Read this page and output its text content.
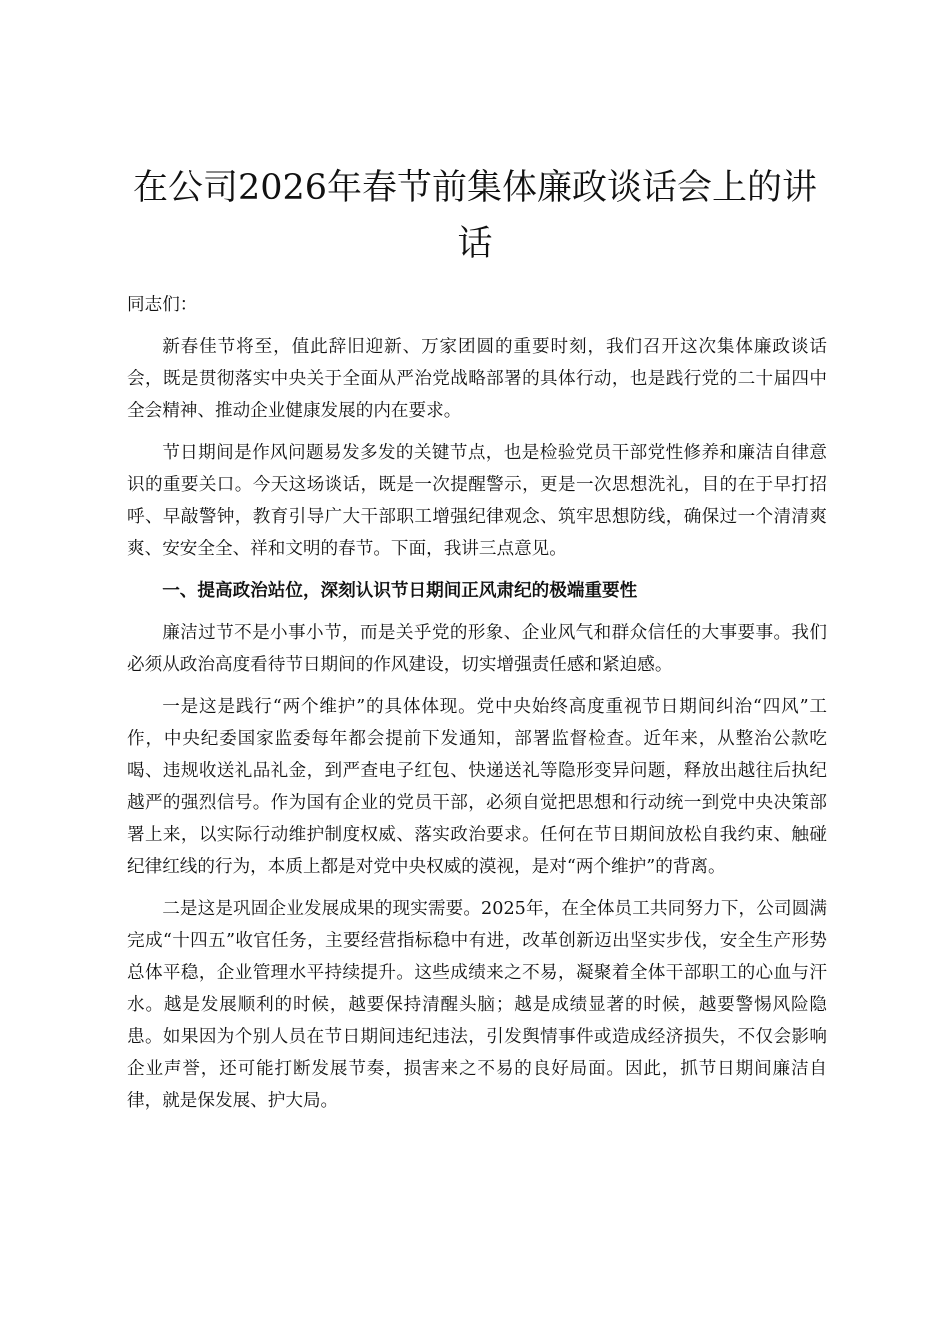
在公司2026年春节前集体廉政谈话会上的讲话

同志们：

新春佳节将至，值此辞旧迎新、万家团圆的重要时刻，我们召开这次集体廉政谈话会，既是贯彻落实中央关于全面从严治党战略部署的具体行动，也是践行党的二十届四中全会精神、推动企业健康发展的内在要求。

节日期间是作风问题易发多发的关键节点，也是检验党员干部党性修养和廉洁自律意识的重要关口。今天这场谈话，既是一次提醒警示，更是一次思想洗礼，目的在于早打招呼、早敲警钟，教育引导广大干部职工增强纪律观念、筑牢思想防线，确保过一个清清爽爽、安安全全、祥和文明的春节。下面，我讲三点意见。

一、提高政治站位，深刻认识节日期间正风肃纪的极端重要性

廉洁过节不是小事小节，而是关乎党的形象、企业风气和群众信任的大事要事。我们必须从政治高度看待节日期间的作风建设，切实增强责任感和紧迫感。

一是这是践行“两个维护”的具体体现。党中央始终高度重视节日期间纠治“四风”工作，中央纪委国家监委每年都会提前下发通知，部署监督检查。近年来，从整治公款吃喝、违规收送礼品礼金，到严查电子红包、快递送礼等隐形变异问题，释放出越往后执纪越严的强烈信号。作为国有企业的党员干部，必须自觉把思想和行动统一到党中央决策部署上来，以实际行动维护制度权威、落实政治要求。任何在节日期间放松自我约束、触碰纪律红线的行为，本质上都是对党中央权威的漠视，是对“两个维护”的背离。

二是这是巩固企业发展成果的现实需要。2025年，在全体员工共同努力下，公司圆满完成“十四五”收官任务，主要经营指标稳中有进，改革创新迈出坚实步伐，安全生产形势总体平稳，企业管理水平持续提升。这些成绩来之不易，凝聚着全体干部职工的心血与汗水。越是发展顺利的时候，越要保持清醒头脑；越是成绩显著的时候，越要警惕风险隐患。如果因为个别人员在节日期间违纪违法，引发舆情事件或造成经济损失，不仅会影响企业声誉，还可能打断发展节奏，损害来之不易的良好局面。因此，抓节日期间廉洁自律，就是保发展、护大局。
